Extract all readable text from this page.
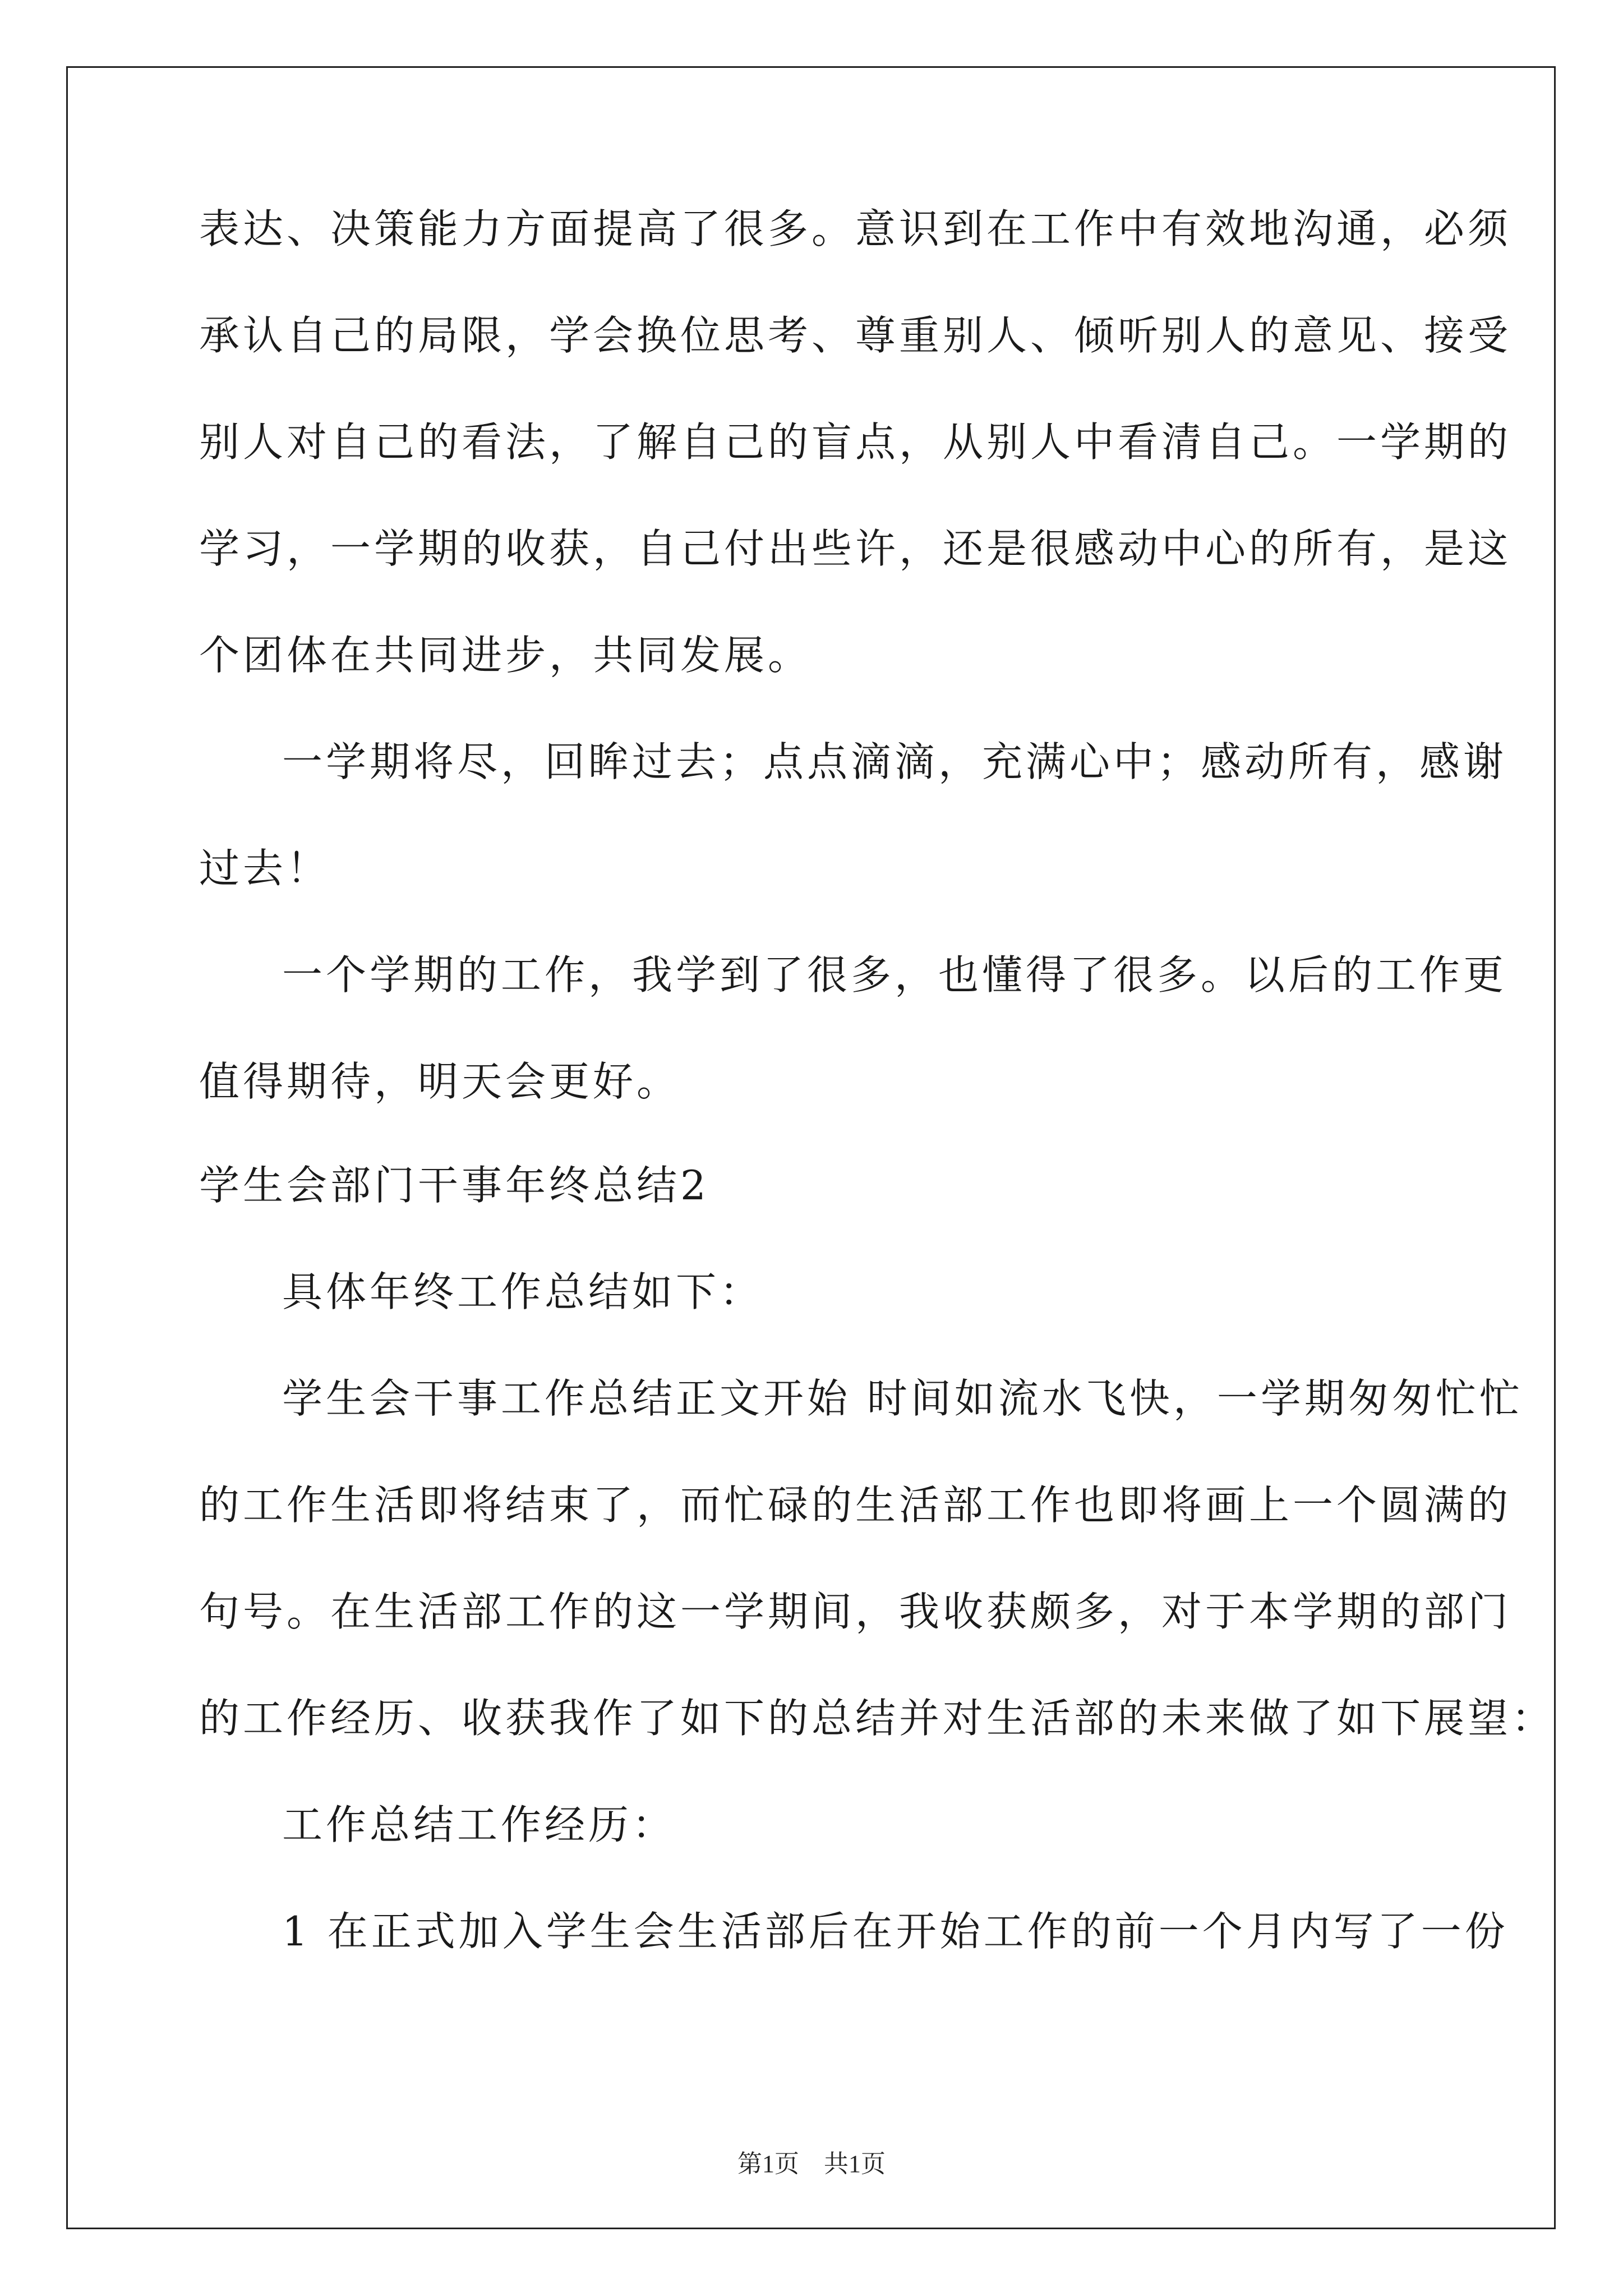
表达、决策能力方面提高了很多。意识到在工作中有效地沟通，必须
承认自己的局限，学会换位思考、尊重别人、倾听别人的意见、接受
别人对自己的看法，了解自己的盲点，从别人中看清自己。一学期的
学习，一学期的收获，自己付出些许，还是很感动中心的所有，是这
个团体在共同进步，共同发展。
一学期将尽，回眸过去；点点滴滴，充满心中；感动所有，感谢
过去！
一个学期的工作，我学到了很多，也懂得了很多。以后的工作更
值得期待，明天会更好。
学生会部门干事年终总结2
具体年终工作总结如下：
学生会干事工作总结正文开始 时间如流水飞快，一学期匆匆忙忙
的工作生活即将结束了，而忙碌的生活部工作也即将画上一个圆满的
句号。在生活部工作的这一学期间，我收获颇多，对于本学期的部门
的工作经历、收获我作了如下的总结并对生活部的未来做了如下展望：
工作总结工作经历：
1 在正式加入学生会生活部后在开始工作的前一个月内写了一份
第1页　共1页
